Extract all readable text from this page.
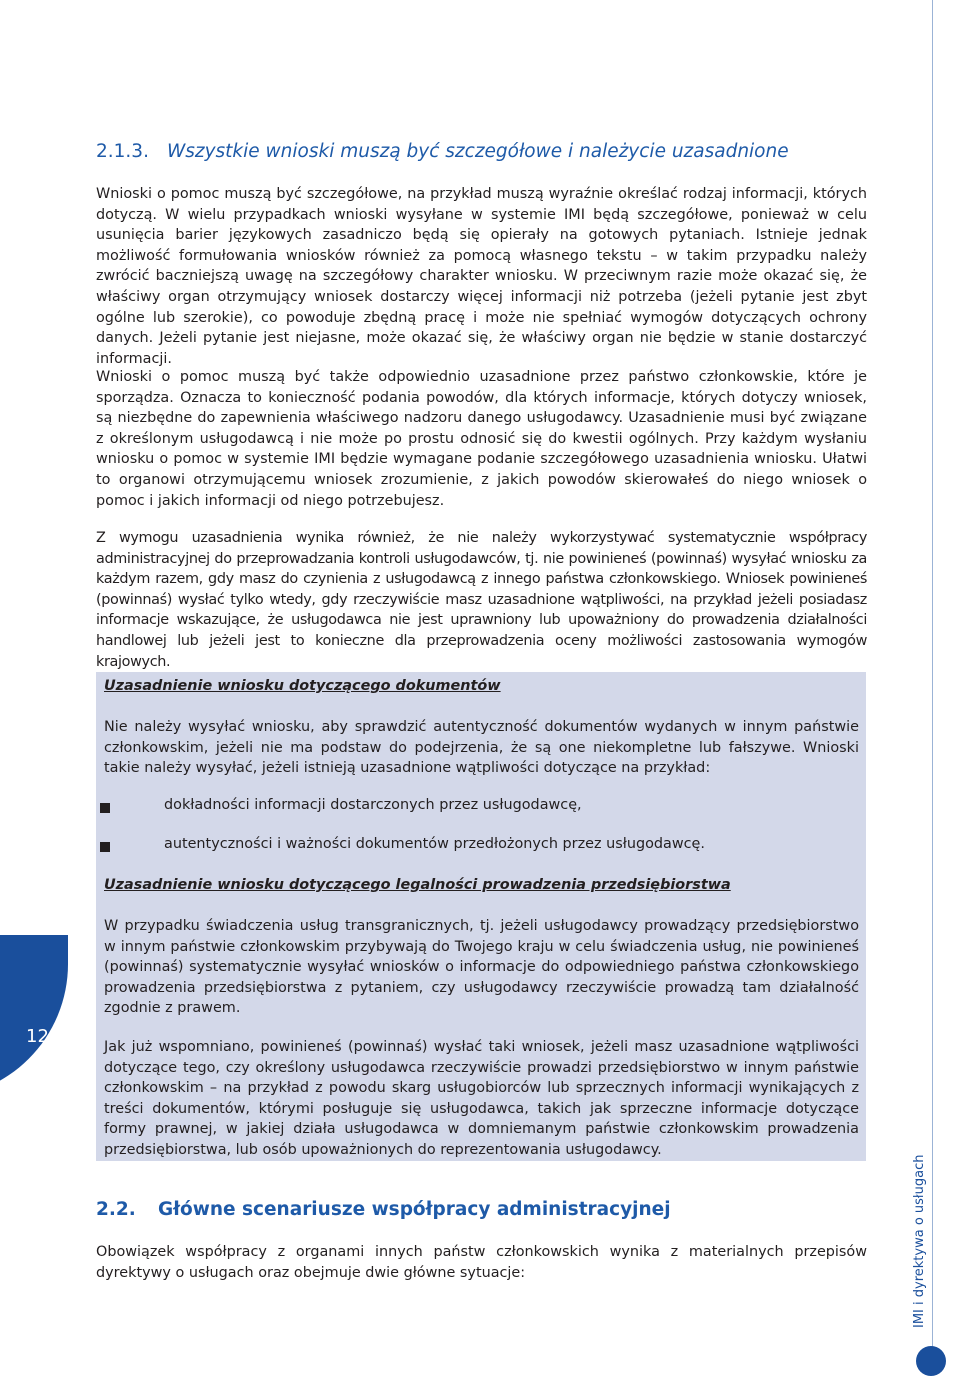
2.1.3. Wszystkie wnioski muszą być szczegółowe i należycie uzasadnione

Wnioski o pomoc muszą być szczegółowe, na przykład muszą wyraźnie określać rodzaj informacji, których dotyczą. W wielu przypadkach wnioski wysyłane w systemie IMI będą szczegółowe, ponieważ w celu usunięcia barier językowych zasadniczo będą się opierały na gotowych pytaniach. Istnieje jednak możliwość formułowania wniosków również za pomocą własnego tekstu – w takim przypadku należy zwrócić baczniejszą uwagę na szczegółowy charakter wniosku. W przeciwnym razie może okazać się, że właściwy organ otrzymujący wniosek dostarczy więcej informacji niż potrzeba (jeżeli pytanie jest zbyt ogólne lub szerokie), co powoduje zbędną pracę i może nie spełniać wymogów dotyczących ochrony danych. Jeżeli pytanie jest niejasne, może okazać się, że właściwy organ nie będzie w stanie dostarczyć informacji.

Wnioski o pomoc muszą być także odpowiednio uzasadnione przez państwo członkowskie, które je sporządza. Oznacza to konieczność podania powodów, dla których informacje, których dotyczy wniosek, są niezbędne do zapewnienia właściwego nadzoru danego usługodawcy. Uzasadnienie musi być związane z określonym usługodawcą i nie może po prostu odnosić się do kwestii ogólnych. Przy każdym wysłaniu wniosku o pomoc w systemie IMI będzie wymagane podanie szczegółowego uzasadnienia wniosku. Ułatwi to organowi otrzymującemu wniosek zrozumienie, z jakich powodów skierowałeś do niego wniosek o pomoc i jakich informacji od niego potrzebujesz.

Z wymogu uzasadnienia wynika również, że nie należy wykorzystywać systematycznie współpracy administracyjnej do przeprowadzania kontroli usługodawców, tj. nie powinieneś (powinnaś) wysyłać wniosku za każdym razem, gdy masz do czynienia z usługodawcą z innego państwa członkowskiego. Wniosek powinieneś (powinnaś) wysłać tylko wtedy, gdy rzeczywiście masz uzasadnione wątpliwości, na przykład jeżeli posiadasz informacje wskazujące, że usługodawca nie jest uprawniony lub upoważniony do prowadzenia działalności handlowej lub jeżeli jest to konieczne dla przeprowadzenia oceny możliwości zastosowania wymogów krajowych.

Uzasadnienie wniosku dotyczącego dokumentów

Nie należy wysyłać wniosku, aby sprawdzić autentyczność dokumentów wydanych w innym państwie członkowskim, jeżeli nie ma podstaw do podejrzenia, że są one niekompletne lub fałszywe. Wnioski takie należy wysyłać, jeżeli istnieją uzasadnione wątpliwości dotyczące na przykład:

dokładności informacji dostarczonych przez usługodawcę,
autentyczności i ważności dokumentów przedłożonych przez usługodawcę.
Uzasadnienie wniosku dotyczącego legalności prowadzenia przedsiębiorstwa

W przypadku świadczenia usług transgranicznych, tj. jeżeli usługodawcy prowadzący przedsiębiorstwo w innym państwie członkowskim przybywają do Twojego kraju w celu świadczenia usług, nie powinieneś (powinnaś) systematycznie wysyłać wniosków o informacje do odpowiedniego państwa członkowskiego prowadzenia przedsiębiorstwa z pytaniem, czy usługodawcy rzeczywiście prowadzą tam działalność zgodnie z prawem.

Jak już wspomniano, powinieneś (powinnaś) wysłać taki wniosek, jeżeli masz uzasadnione wątpliwości dotyczące tego, czy określony usługodawca rzeczywiście prowadzi przedsiębiorstwo w innym państwie członkowskim – na przykład z powodu skarg usługobiorców lub sprzecznych informacji wynikających z treści dokumentów, którymi posługuje się usługodawca, takich jak sprzeczne informacje dotyczące formy prawnej, w jakiej działa usługodawca w domniemanym państwie członkowskim prowadzenia przedsiębiorstwa, lub osób upoważnionych do reprezentowania usługodawcy.

2.2. Główne scenariusze współpracy administracyjnej

Obowiązek współpracy z organami innych państw członkowskich wynika z materialnych przepisów dyrektywy o usługach oraz obejmuje dwie główne sytuacje:

12
IMI i dyrektywa o usługach
